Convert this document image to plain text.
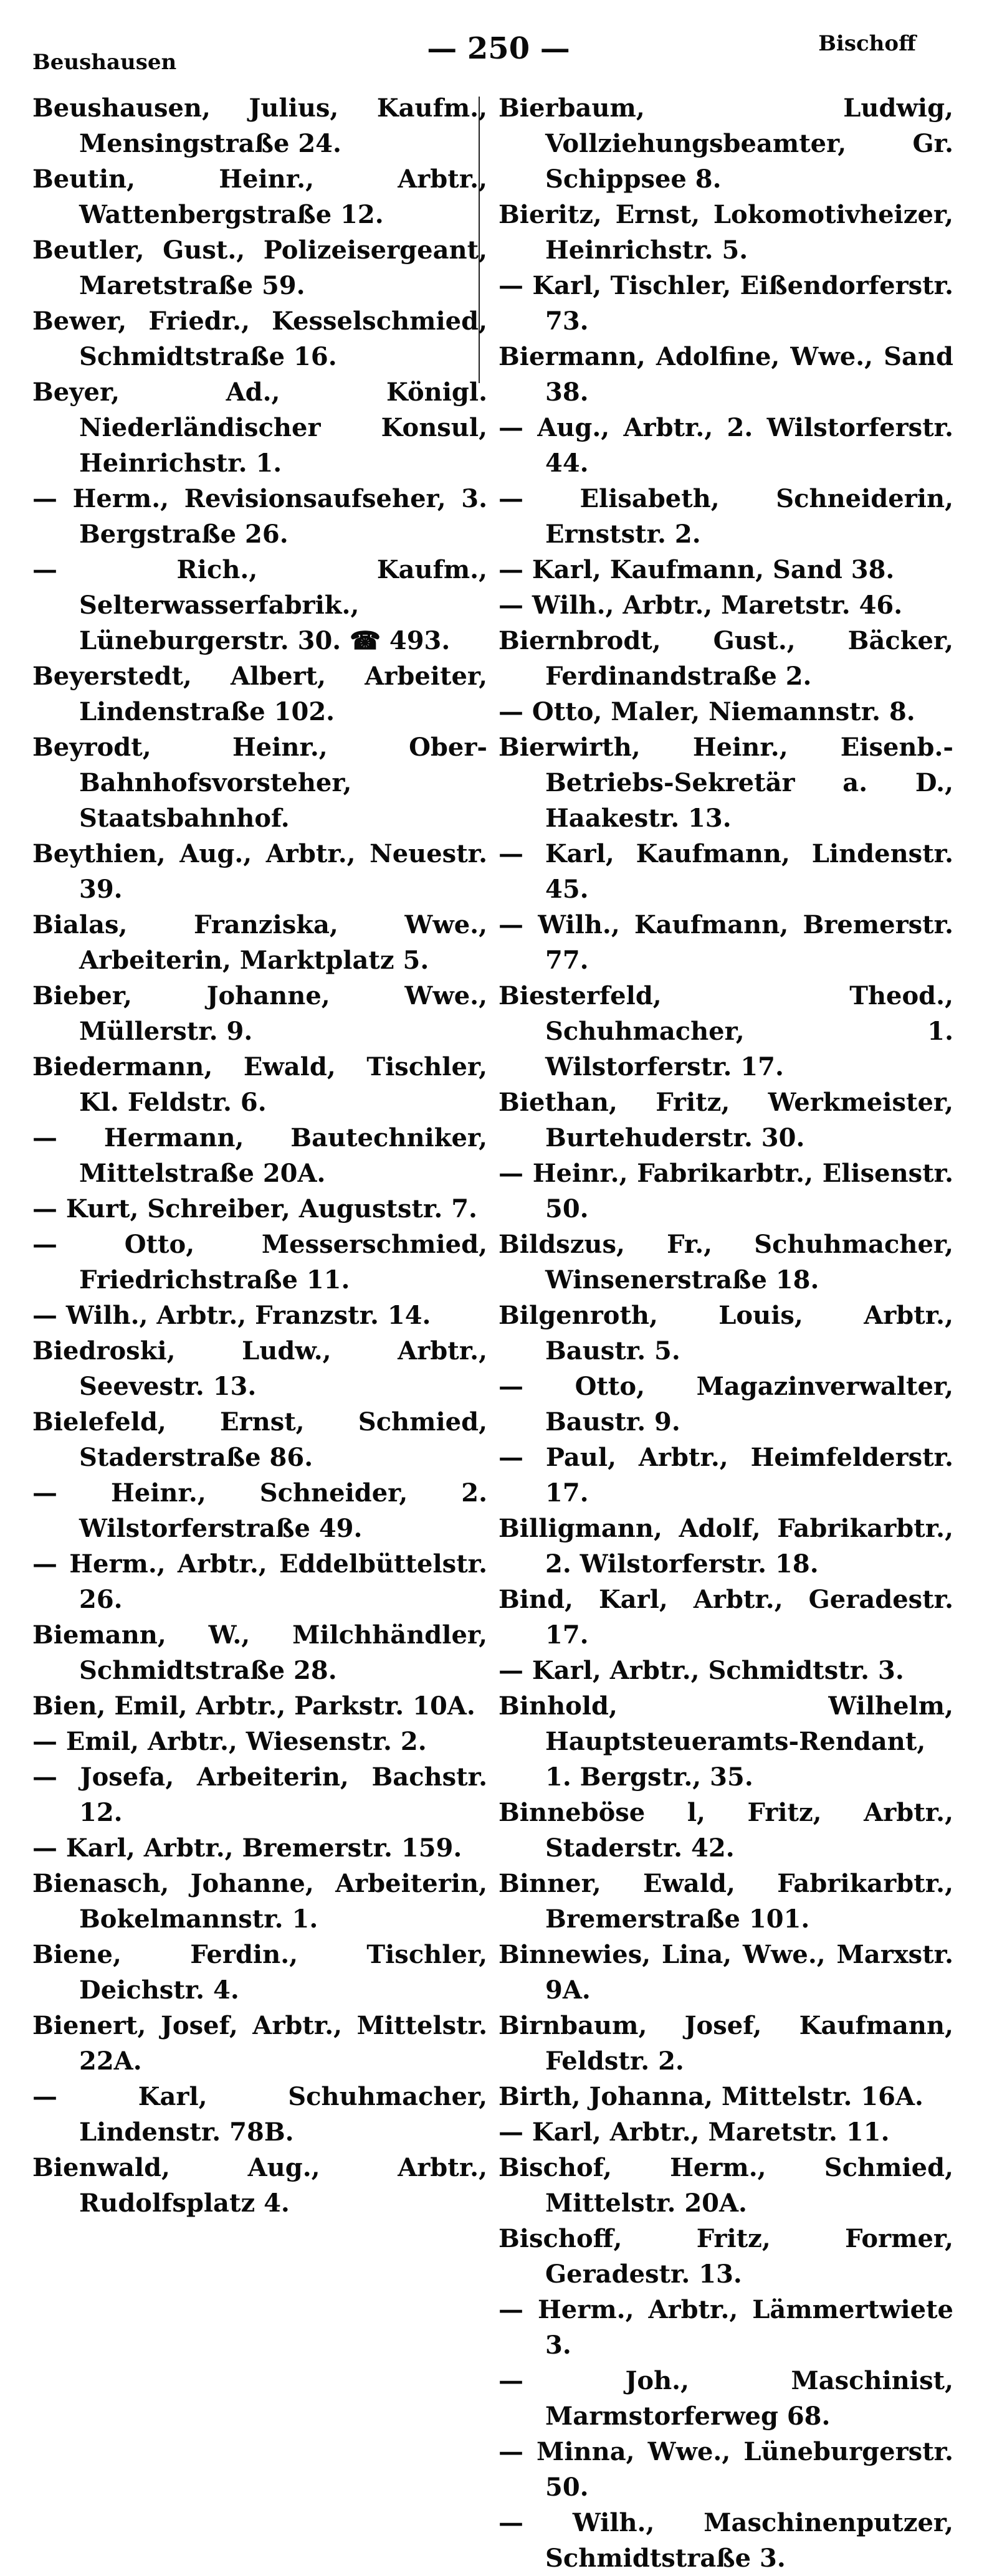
Beushausen	— 250 —	Bischoff

Beushausen, Julius, Kaufm., Mensingstraße 24.

Beutin, Heinr., Arbtr., Wattenbergstraße 12.

Beutler, Gust., Polizeisergeant, Maretstraße 59.

Bewer, Friedr., Kesselschmied, Schmidtstraße 16.

Beyer, Ad., Königl. Niederländischer Konsul, Heinrichstr. 1.

— Herm., Revisionsaufseher, 3. Bergstraße 26.

— Rich., Kaufm., Selterwasserfabrik., Lüneburgerstr. 30. ☎ 493.

Beyerstedt, Albert, Arbeiter, Lindenstraße 102.

Beyrodt, Heinr., Ober-Bahnhofsvorsteher, Staatsbahnhof.

Beythien, Aug., Arbtr., Neuestr. 39.

Bialas, Franziska, Wwe., Arbeiterin, Marktplatz 5.

Bieber, Johanne, Wwe., Müllerstr. 9.

Biedermann, Ewald, Tischler, Kl. Feldstr. 6.

— Hermann, Bautechniker, Mittelstraße 20A.

— Kurt, Schreiber, Auguststr. 7.

— Otto, Messerschmied, Friedrichstraße 11.

— Wilh., Arbtr., Franzstr. 14.

Biedroski, Ludw., Arbtr., Seevestr. 13.

Bielefeld, Ernst, Schmied, Staderstraße 86.

— Heinr., Schneider, 2. Wilstorferstraße 49.

— Herm., Arbtr., Eddelbüttelstr. 26.

Biemann, W., Milchhändler, Schmidtstraße 28.

Bien, Emil, Arbtr., Parkstr. 10A.

— Emil, Arbtr., Wiesenstr. 2.

— Josefa, Arbeiterin, Bachstr. 12.

— Karl, Arbtr., Bremerstr. 159.

Bienasch, Johanne, Arbeiterin, Bokelmannstr. 1.

Biene, Ferdin., Tischler, Deichstr. 4.

Bienert, Josef, Arbtr., Mittelstr. 22A.

— Karl, Schuhmacher, Lindenstr. 78B.

Bienwald, Aug., Arbtr., Rudolfsplatz 4.

Bierbaum, Ludwig, Vollziehungsbeamter, Gr. Schippsee 8.

Bieritz, Ernst, Lokomotivheizer, Heinrichstr. 5.

— Karl, Tischler, Eißendorferstr. 73.

Biermann, Adolfine, Wwe., Sand 38.

— Aug., Arbtr., 2. Wilstorferstr. 44.

— Elisabeth, Schneiderin, Ernststr. 2.

— Karl, Kaufmann, Sand 38.

— Wilh., Arbtr., Maretstr. 46.

Biernbrodt, Gust., Bäcker, Ferdinandstraße 2.

— Otto, Maler, Niemannstr. 8.

Bierwirth, Heinr., Eisenb.-Betriebs-Sekretär a. D., Haakestr. 13.

— Karl, Kaufmann, Lindenstr. 45.

— Wilh., Kaufmann, Bremerstr. 77.

Biesterfeld, Theod., Schuhmacher, 1. Wilstorferstr. 17.

Biethan, Fritz, Werkmeister, Burtehuderstr. 30.

— Heinr., Fabrikarbtr., Elisenstr. 50.

Bildszus, Fr., Schuhmacher, Winsenerstraße 18.

Bilgenroth, Louis, Arbtr., Baustr. 5.

— Otto, Magazinverwalter, Baustr. 9.

— Paul, Arbtr., Heimfelderstr. 17.

Billigmann, Adolf, Fabrikarbtr., 2. Wilstorferstr. 18.

Bind, Karl, Arbtr., Geradestr. 17.

— Karl, Arbtr., Schmidtstr. 3.

Binhold, Wilhelm, Hauptsteueramts-Rendant, 1. Bergstr., 35.

Binneböse l, Fritz, Arbtr., Staderstr. 42.

Binner, Ewald, Fabrikarbtr., Bremerstraße 101.

Binnewies, Lina, Wwe., Marxstr. 9A.

Birnbaum, Josef, Kaufmann, Feldstr. 2.

Birth, Johanna, Mittelstr. 16A.

— Karl, Arbtr., Maretstr. 11.

Bischof, Herm., Schmied, Mittelstr. 20A.

Bischoff, Fritz, Former, Geradestr. 13.

— Herm., Arbtr., Lämmertwiete 3.

— Joh., Maschinist, Marmstorferweg 68.

— Minna, Wwe., Lüneburgerstr. 50.

— Wilh., Maschinenputzer, Schmidtstraße 3.
